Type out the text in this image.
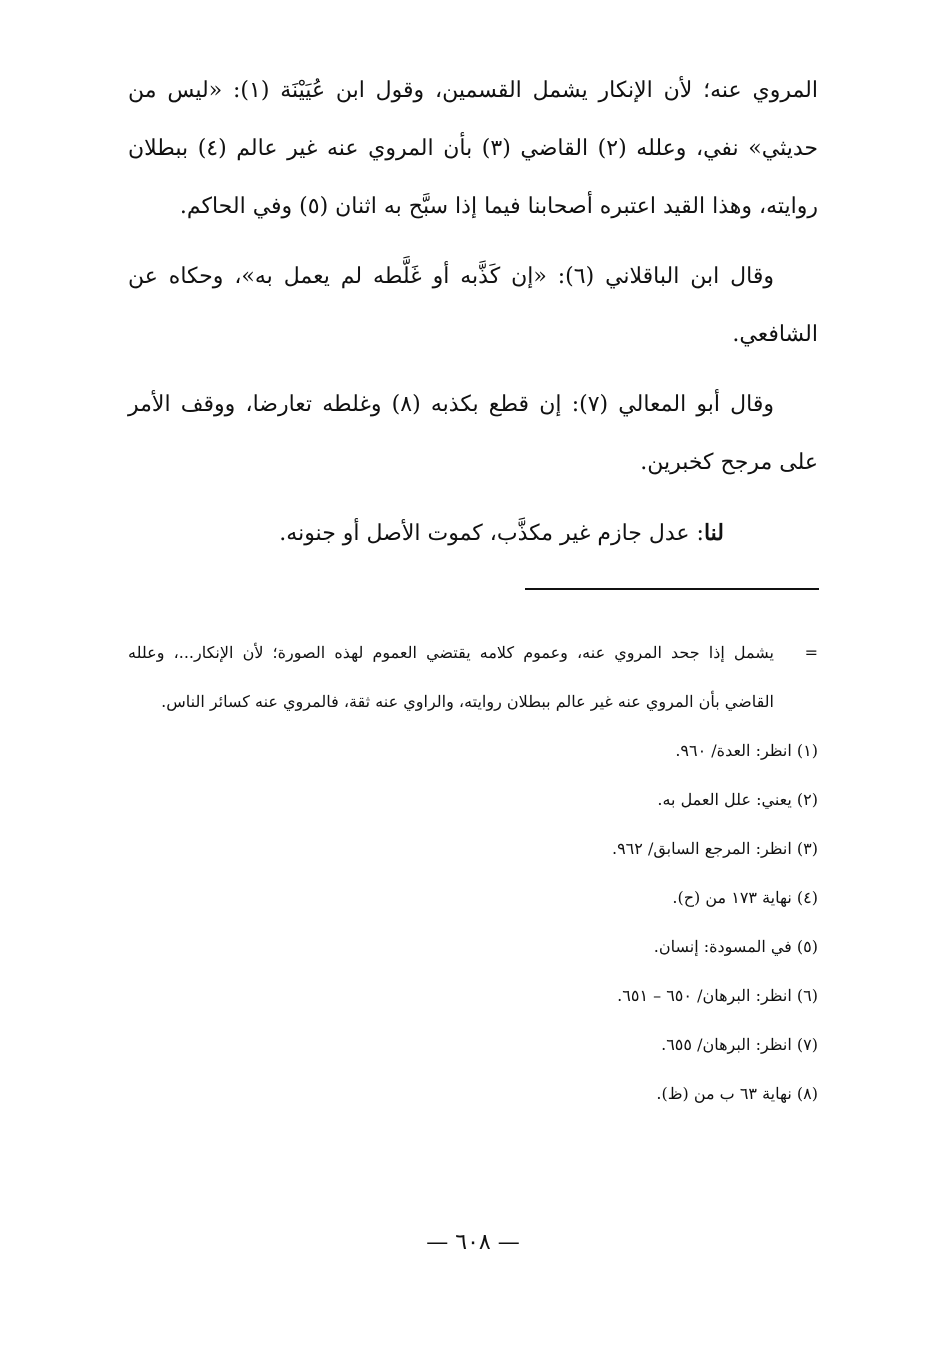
المروي عنه؛ لأن الإنكار يشمل القسمين، وقول ابن عُيَيْنَة (١): «ليس من حديثي» نفي، وعلله (٢) القاضي (٣) بأن المروي عنه غير عالم (٤) ببطلان روايته، وهذا القيد اعتبره أصحابنا فيما إذا سبَّح به اثنان (٥) وفي الحاكم.

وقال ابن الباقلاني (٦): «إن كَذَّبه أو غَلَّطه لم يعمل به»، وحكاه عن الشافعي.

وقال أبو المعالي (٧): إن قطع بكذبه (٨) وغلطه تعارضا، ووقف الأمر على مرجح كخبرين.

لنا: عدل جازم غير مكذَّب، كموت الأصل أو جنونه.

=
يشمل إذا جحد المروي عنه، وعموم كلامه يقتضي العموم لهذه الصورة؛ لأن الإنكار...، وعلله القاضي بأن المروي عنه غير عالم ببطلان روايته، والراوي عنه ثقة، فالمروي عنه كسائر الناس.

(١) انظر: العدة/ ٩٦٠.

(٢) يعني: علل العمل به.

(٣) انظر: المرجع السابق/ ٩٦٢.

(٤) نهاية ١٧٣ من (ح).

(٥) في المسودة: إنسان.

(٦) انظر: البرهان/ ٦٥٠ – ٦٥١.

(٧) انظر: البرهان/ ٦٥٥.

(٨) نهاية ٦٣ ب من (ظ).

— ٦٠٨ —
